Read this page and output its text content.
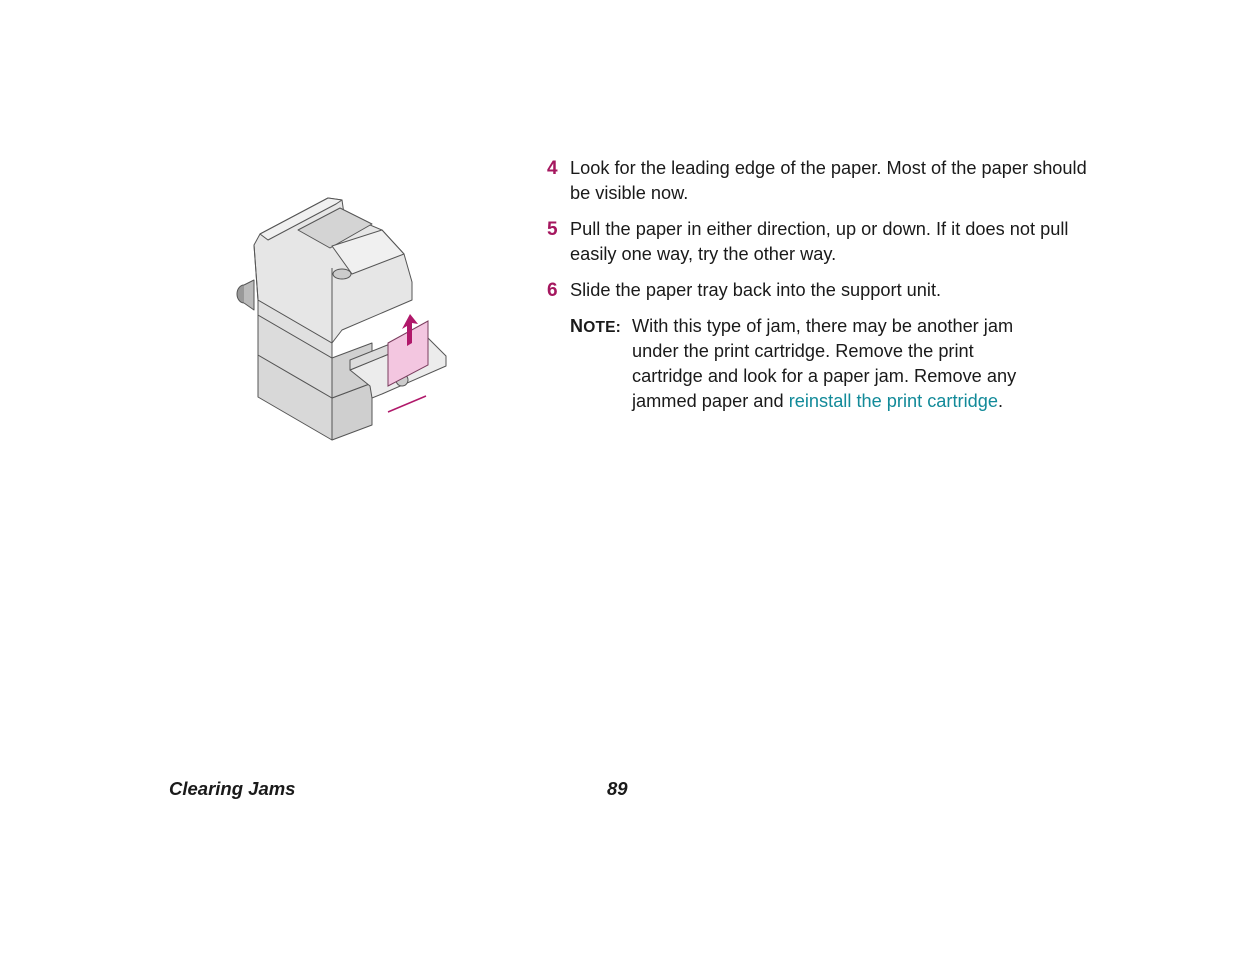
4 Look for the leading edge of the paper. Most of the paper should be visible now.
5 Pull the paper in either direction, up or down. If it does not pull easily one way, try the other way.
6 Slide the paper tray back into the support unit.
NOTE: With this type of jam, there may be another jam under the print cartridge. Remove the print cartridge and look for a paper jam. Remove any jammed paper and reinstall the print cartridge.
Clearing Jams	89
